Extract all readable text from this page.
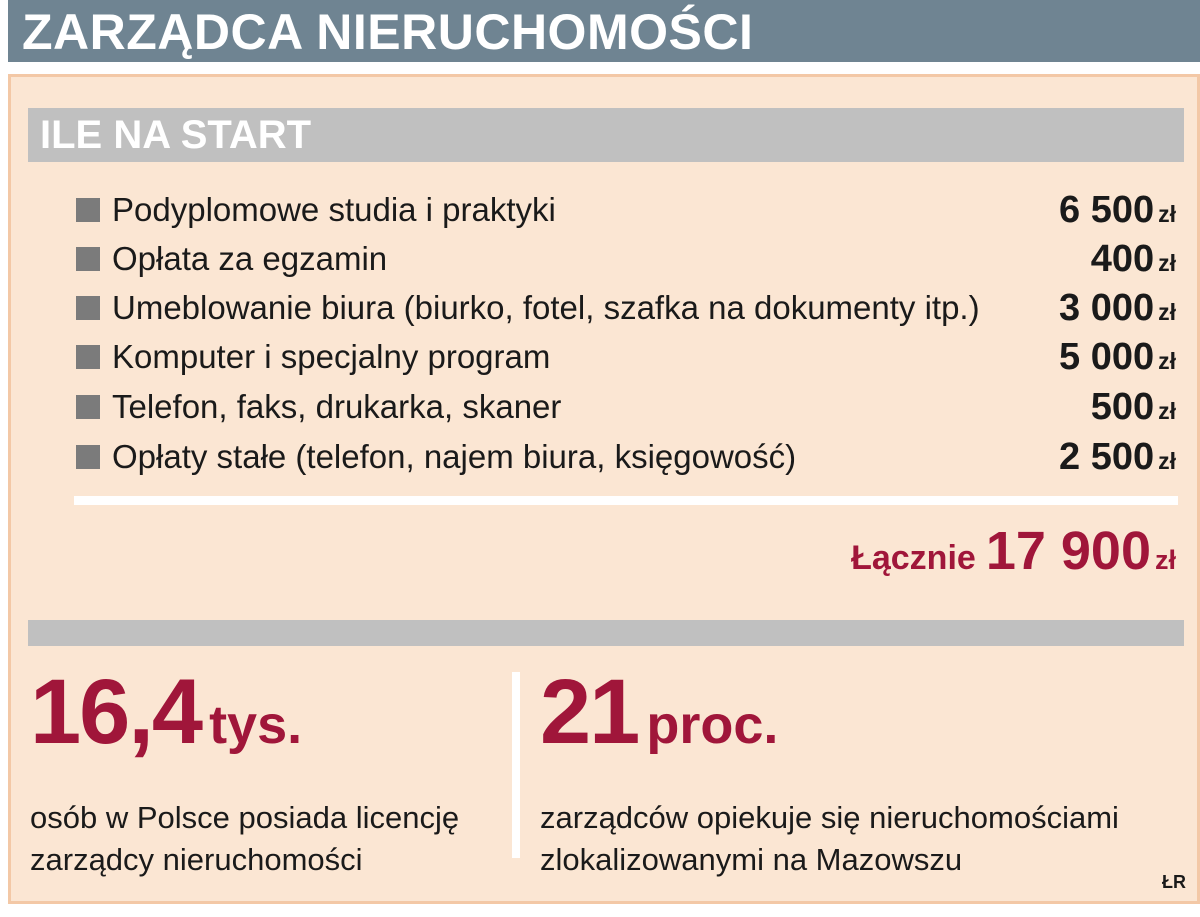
ZARZĄDCA NIERUCHOMOŚCI
ILE NA START
Podyplomowe studia i praktyki	6 500 zł
Opłata za egzamin	400 zł
Umeblowanie biura (biurko, fotel, szafka na dokumenty itp.) 3 000 zł
Komputer i specjalny program	5 000 zł
Telefon, faks, drukarka, skaner	500 zł
Opłaty stałe (telefon, najem biura, księgowość)	2 500 zł
Łącznie 17 900 zł
16,4 tys.
osób w Polsce posiada licencję zarządcy nieruchomości
21 proc.
zarządców opiekuje się nieruchomościami zlokalizowanymi na Mazowszu
ŁR
